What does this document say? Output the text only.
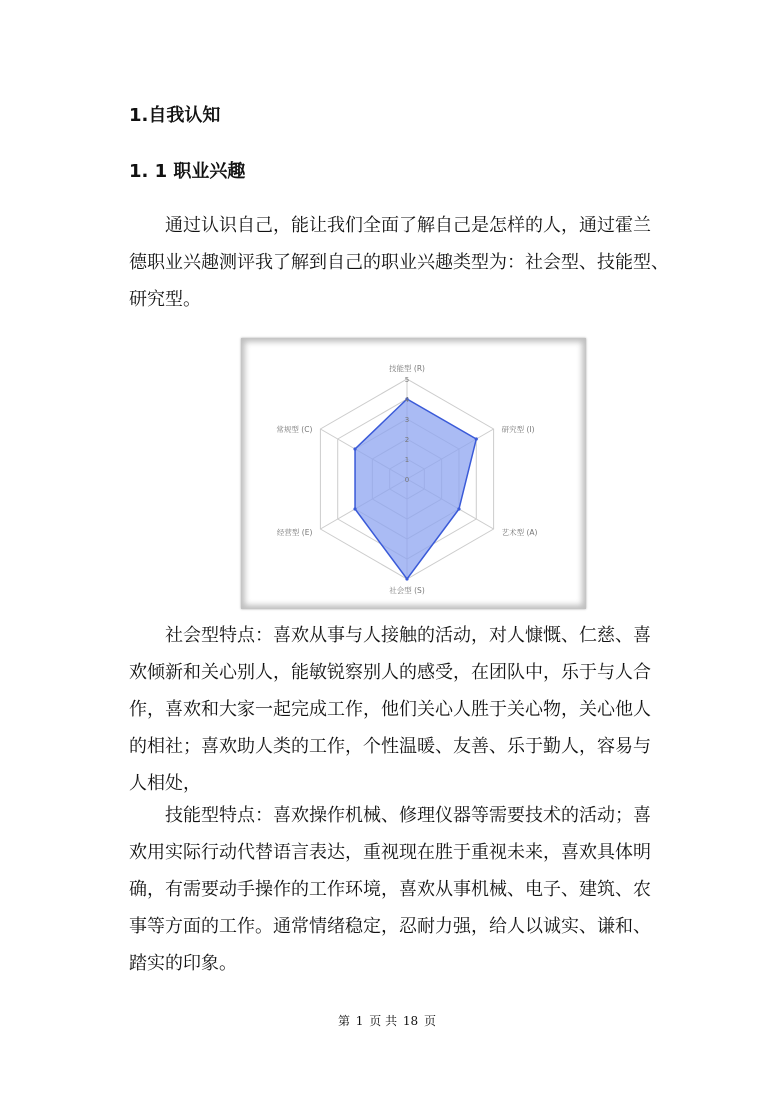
1.自我认知
1. 1 职业兴趣
通过认识自己，能让我们全面了解自己是怎样的人，通过霍兰
德职业兴趣测评我了解到自己的职业兴趣类型为：社会型、技能型、
研究型。
0
1
2
3
4
5
技能型 (R)
研究型 (I)
艺术型 (A)
社会型 (S)
经营型 (E)
常规型 (C)
社会型特点：喜欢从事与人接触的活动，对人慷慨、仁慈、喜
欢倾新和关心别人，能敏锐察别人的感受，在团队中，乐于与人合
作，喜欢和大家一起完成工作，他们关心人胜于关心物，关心他人
的相社；喜欢助人类的工作，个性温暖、友善、乐于勤人，容易与
人相处，
技能型特点：喜欢操作机械、修理仪器等需要技术的活动；喜
欢用实际行动代替语言表达，重视现在胜于重视未来，喜欢具体明
确，有需要动手操作的工作环境，喜欢从事机械、电子、建筑、农
事等方面的工作。通常情绪稳定，忍耐力强，给人以诚实、谦和、
踏实的印象。
第 1 页 共 18 页
